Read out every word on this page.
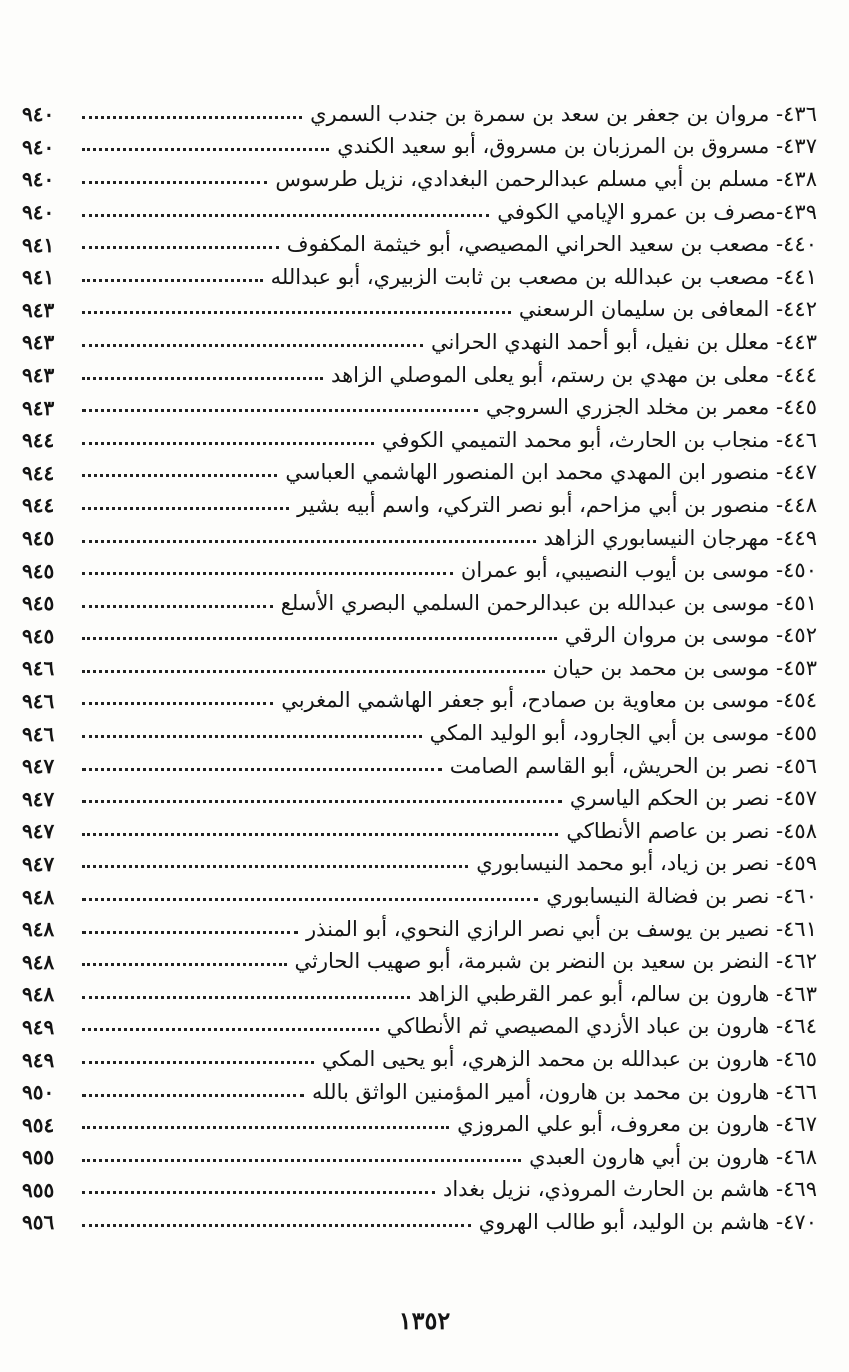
٤٣٦- مروان بن جعفر بن سعد بن سمرة بن جندب السمري
٩٤٠
٤٣٧- مسروق بن المرزبان بن مسروق، أبو سعيد الكندي
٩٤٠
٤٣٨- مسلم بن أبي مسلم عبدالرحمن البغدادي، نزيل طرسوس
٩٤٠
٤٣٩-مصرف بن عمرو الإيامي الكوفي
٩٤٠
٤٤٠- مصعب بن سعيد الحراني المصيصي، أبو خيثمة المكفوف
٩٤١
٤٤١- مصعب بن عبدالله بن مصعب بن ثابت الزبيري، أبو عبدالله
٩٤١
٤٤٢- المعافى بن سليمان الرسعني
٩٤٣
٤٤٣- معلل بن نفيل، أبو أحمد النهدي الحراني
٩٤٣
٤٤٤- معلى بن مهدي بن رستم، أبو يعلى الموصلي الزاهد
٩٤٣
٤٤٥- معمر بن مخلد الجزري السروجي
٩٤٣
٤٤٦- منجاب بن الحارث، أبو محمد التميمي الكوفي
٩٤٤
٤٤٧- منصور ابن المهدي محمد ابن المنصور الهاشمي العباسي
٩٤٤
٤٤٨- منصور بن أبي مزاحم، أبو نصر التركي، واسم أبيه بشير
٩٤٤
٤٤٩- مهرجان النيسابوري الزاهد
٩٤٥
٤٥٠- موسى بن أيوب النصيبي، أبو عمران
٩٤٥
٤٥١- موسى بن عبدالله بن عبدالرحمن السلمي البصري الأسلع
٩٤٥
٤٥٢- موسى بن مروان الرقي
٩٤٥
٤٥٣- موسى بن محمد بن حيان
٩٤٦
٤٥٤- موسى بن معاوية بن صمادح، أبو جعفر الهاشمي المغربي
٩٤٦
٤٥٥- موسى بن أبي الجارود، أبو الوليد المكي
٩٤٦
٤٥٦- نصر بن الحريش، أبو القاسم الصامت
٩٤٧
٤٥٧- نصر بن الحكم الياسري
٩٤٧
٤٥٨- نصر بن عاصم الأنطاكي
٩٤٧
٤٥٩- نصر بن زياد، أبو محمد النيسابوري
٩٤٧
٤٦٠- نصر بن فضالة النيسابوري
٩٤٨
٤٦١- نصير بن يوسف بن أبي نصر الرازي النحوي، أبو المنذر
٩٤٨
٤٦٢- النضر بن سعيد بن النضر بن شبرمة، أبو صهيب الحارثي
٩٤٨
٤٦٣- هارون بن سالم، أبو عمر القرطبي الزاهد
٩٤٨
٤٦٤- هارون بن عباد الأزدي المصيصي ثم الأنطاكي
٩٤٩
٤٦٥- هارون بن عبدالله بن محمد الزهري، أبو يحيى المكي
٩٤٩
٤٦٦- هارون بن محمد بن هارون، أمير المؤمنين الواثق بالله
٩٥٠
٤٦٧- هارون بن معروف، أبو علي المروزي
٩٥٤
٤٦٨- هارون بن أبي هارون العبدي
٩٥٥
٤٦٩- هاشم بن الحارث المروذي، نزيل بغداد
٩٥٥
٤٧٠- هاشم بن الوليد، أبو طالب الهروي
٩٥٦
١٣٥٢
